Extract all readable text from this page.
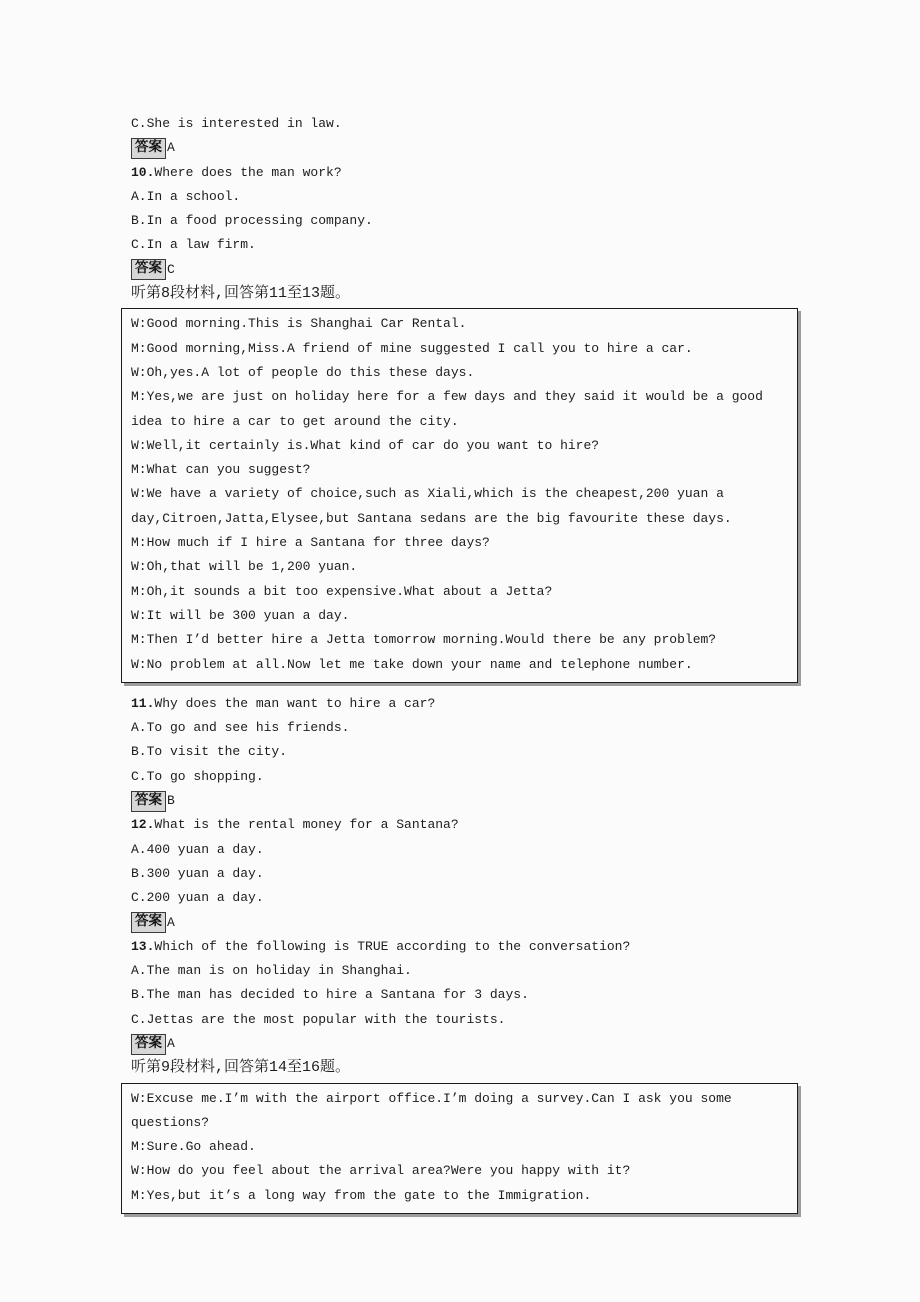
C.She is interested in law.
答案 A
10.Where does the man work?
A.In a school.
B.In a food processing company.
C.In a law firm.
答案 C
听第8段材料,回答第11至13题。
W:Good morning.This is Shanghai Car Rental.
M:Good morning,Miss.A friend of mine suggested I call you to hire a car.
W:Oh,yes.A lot of people do this these days.
M:Yes,we are just on holiday here for a few days and they said it would be a good idea to hire a car to get around the city.
W:Well,it certainly is.What kind of car do you want to hire?
M:What can you suggest?
W:We have a variety of choice,such as Xiali,which is the cheapest,200 yuan a day,Citroen,Jatta,Elysee,but Santana sedans are the big favourite these days.
M:How much if I hire a Santana for three days?
W:Oh,that will be 1,200 yuan.
M:Oh,it sounds a bit too expensive.What about a Jetta?
W:It will be 300 yuan a day.
M:Then I’d better hire a Jetta tomorrow morning.Would there be any problem?
W:No problem at all.Now let me take down your name and telephone number.
11.Why does the man want to hire a car?
A.To go and see his friends.
B.To visit the city.
C.To go shopping.
答案 B
12.What is the rental money for a Santana?
A.400 yuan a day.
B.300 yuan a day.
C.200 yuan a day.
答案 A
13.Which of the following is TRUE according to the conversation?
A.The man is on holiday in Shanghai.
B.The man has decided to hire a Santana for 3 days.
C.Jettas are the most popular with the tourists.
答案 A
听第9段材料,回答第14至16题。
W:Excuse me.I’m with the airport office.I’m doing a survey.Can I ask you some questions?
M:Sure.Go ahead.
W:How do you feel about the arrival area?Were you happy with it?
M:Yes,but it’s a long way from the gate to the Immigration.
